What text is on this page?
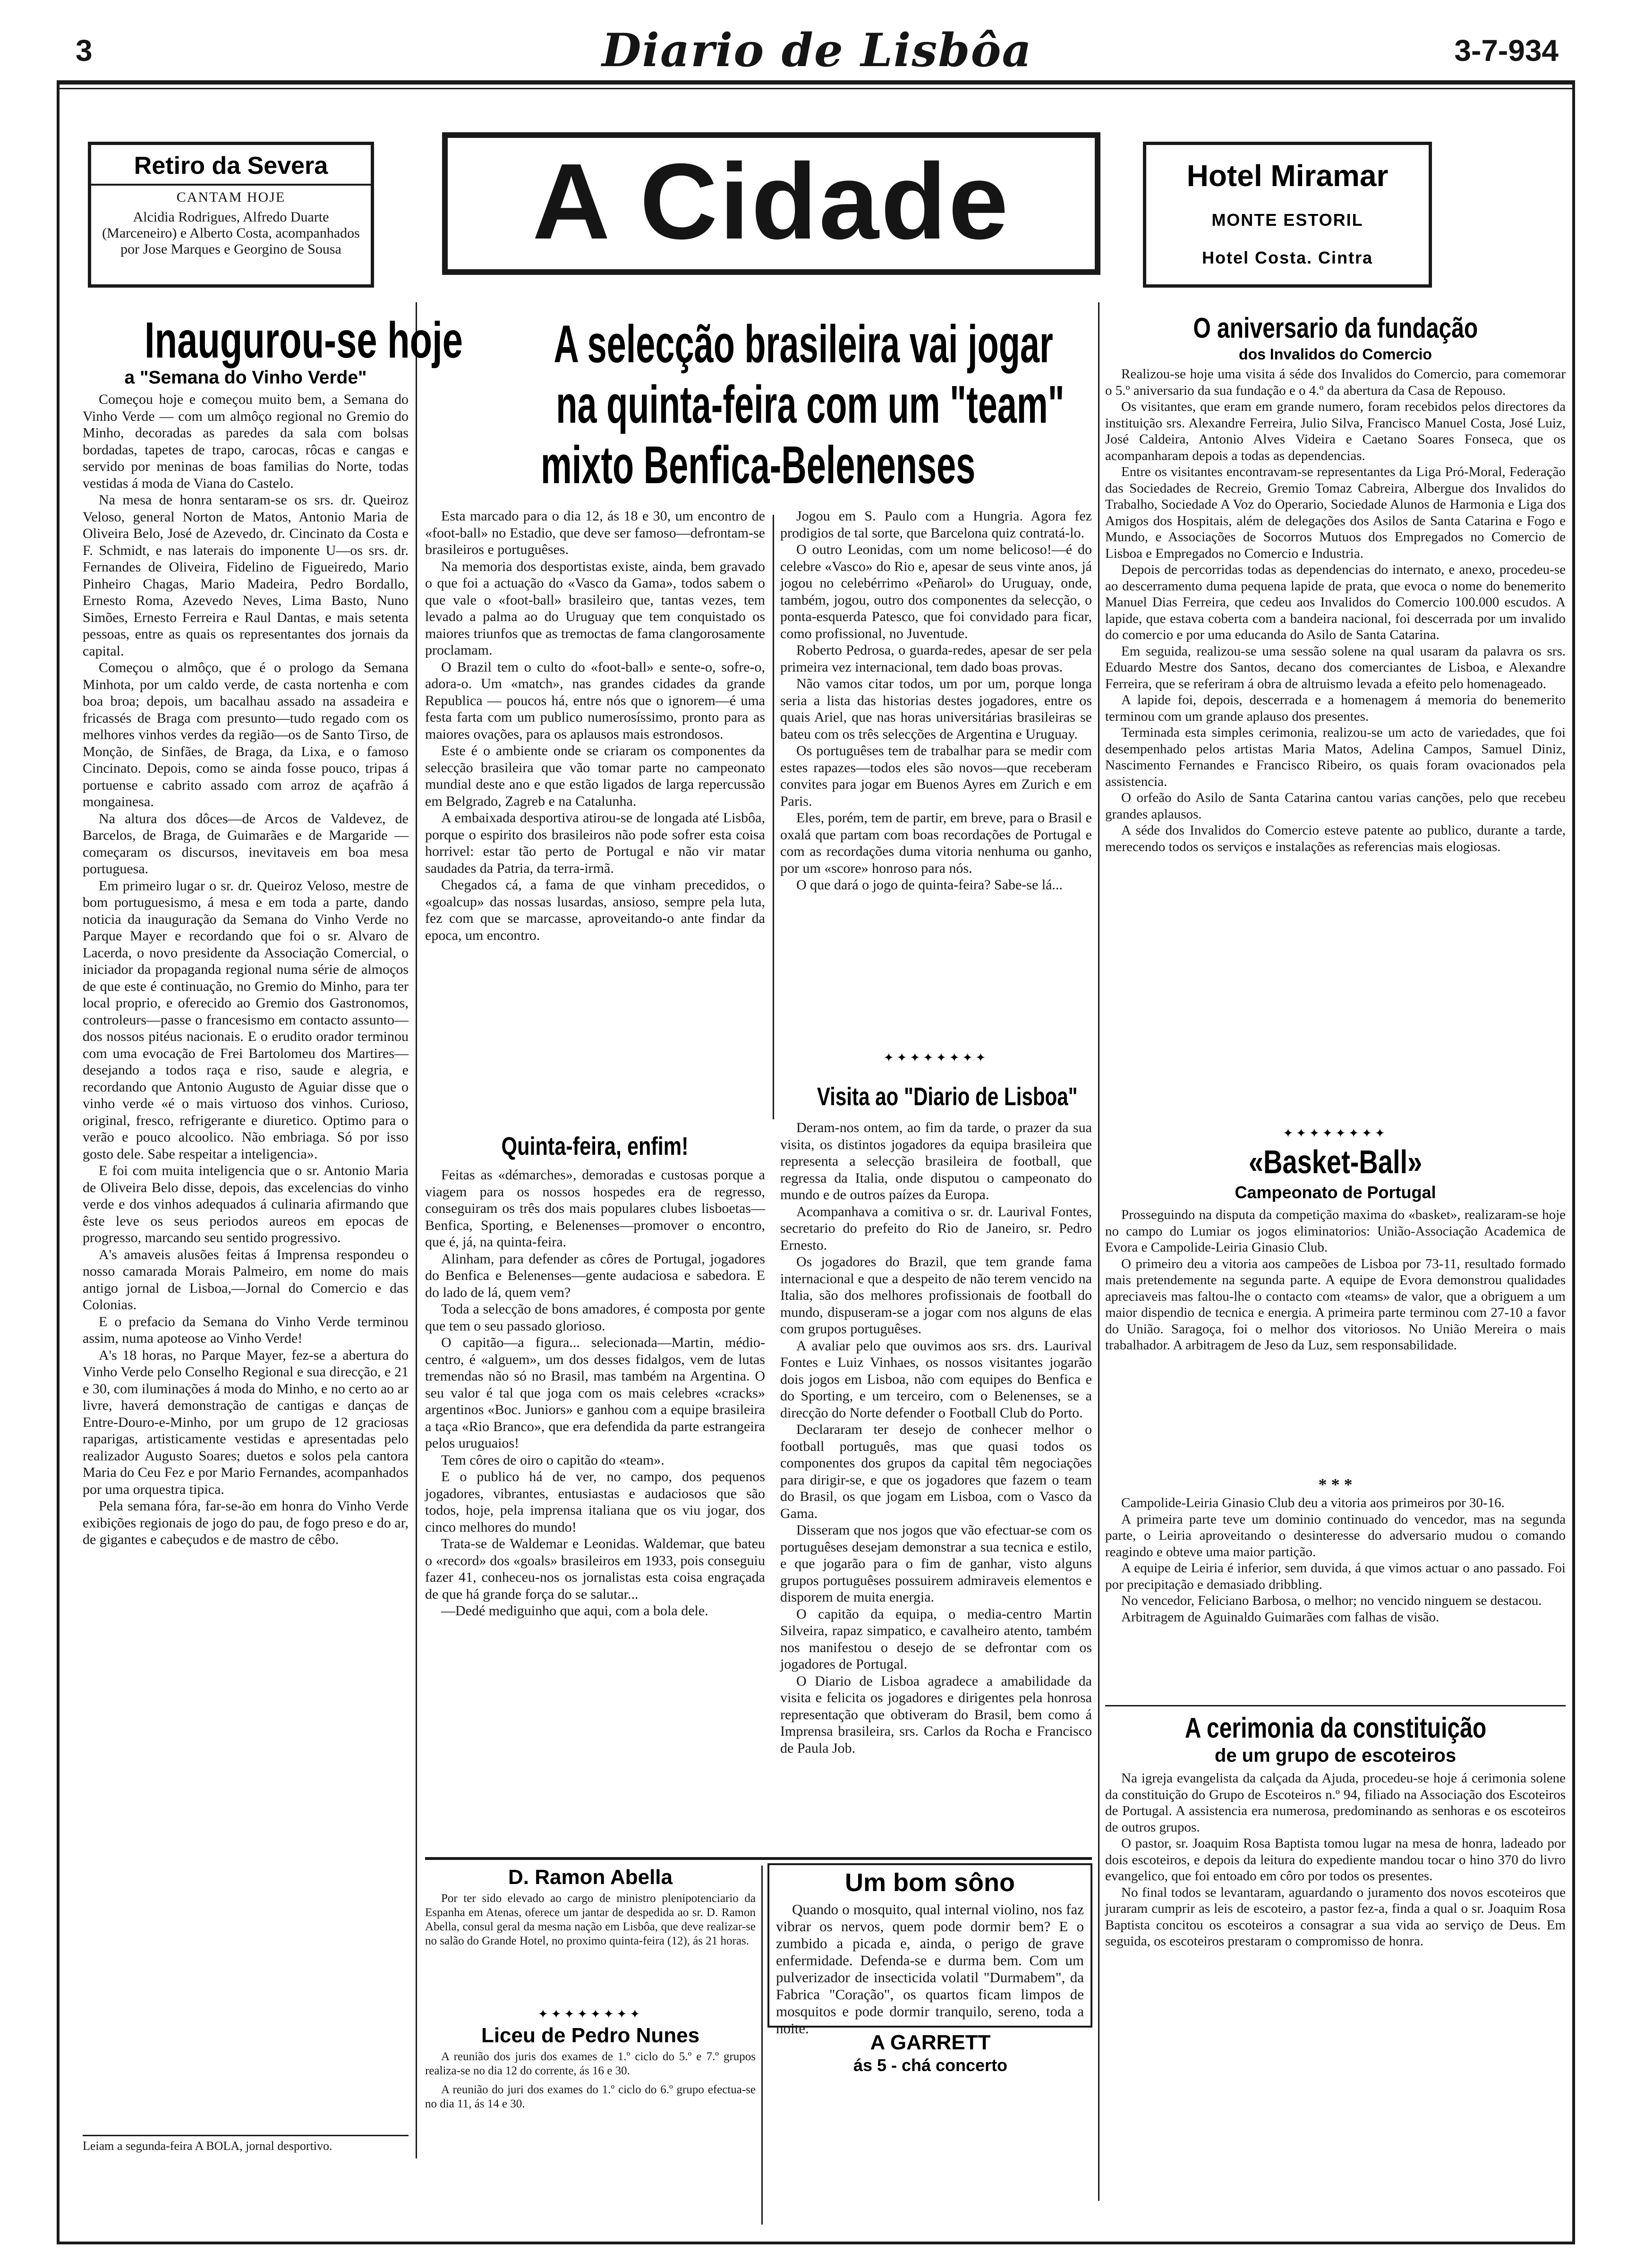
3	Diario de Lisbôa	3-7-934
Retiro da Severa
CANTAM HOJE
Alcidia Rodrigues, Alfredo Duarte (Marceneiro) e Alberto Costa, acompanhados por Jose Marques e Georgino de Sousa	A Cidade	Hotel Miramar
MONTE ESTORIL
Hotel Costa. Cintra
Inaugurou-se hoje
a "Semana do Vinho Verde"

Começou hoje e começou muito bem, a Semana do Vinho Verde — com um almôço regional no Gremio do Minho, decoradas as paredes da sala com bolsas bordadas, tapetes de trapo, carocas, rôcas e cangas e servido por meninas de boas familias do Norte, todas vestidas á moda de Viana do Castelo.

Na mesa de honra sentaram-se os srs. dr. Queiroz Veloso, general Norton de Matos, Antonio Maria de Oliveira Belo, José de Azevedo, dr. Cincinato da Costa e F. Schmidt, e nas laterais do imponente U—os srs. dr. Fernandes de Oliveira, Fidelino de Figueiredo, Mario Pinheiro Chagas, Mario Madeira, Pedro Bordallo, Ernesto Roma, Azevedo Neves, Lima Basto, Nuno Simões, Ernesto Ferreira e Raul Dantas, e mais setenta pessoas, entre as quais os representantes dos jornais da capital.

Começou o almôço, que é o prologo da Semana Minhota, por um caldo verde, de casta nortenha e com boa broa; depois, um bacalhau assado na assadeira e fricassés de Braga com presunto—tudo regado com os melhores vinhos verdes da região—os de Santo Tirso, de Monção, de Sinfães, de Braga, da Lixa, e o famoso Cincinato. Depois, como se ainda fosse pouco, tripas á portuense e cabrito assado com arroz de açafrão á mongainesa.

Na altura dos dôces—de Arcos de Valdevez, de Barcelos, de Braga, de Guimarães e de Margaride — começaram os discursos, inevitaveis em boa mesa portuguesa.

Em primeiro lugar o sr. dr. Queiroz Veloso, mestre de bom portuguesismo, á mesa e em toda a parte, dando noticia da inauguração da Semana do Vinho Verde no Parque Mayer e recordando que foi o sr. Alvaro de Lacerda, o novo presidente da Associação Comercial, o iniciador da propaganda regional numa série de almoços de que este é continuação, no Gremio do Minho, para ter local proprio, e oferecido ao Gremio dos Gastronomos, controleurs—passe o francesismo em contacto assunto—dos nossos pitéus nacionais. E o erudito orador terminou com uma evocação de Frei Bartolomeu dos Martires—desejando a todos raça e riso, saude e alegria, e recordando que Antonio Augusto de Aguiar disse que o vinho verde «é o mais virtuoso dos vinhos. Curioso, original, fresco, refrigerante e diuretico. Optimo para o verão e pouco alcoolico. Não embriaga. Só por isso gosto dele. Sabe respeitar a inteligencia».

E foi com muita inteligencia que o sr. Antonio Maria de Oliveira Belo disse, depois, das excelencias do vinho verde e dos vinhos adequados á culinaria afirmando que êste leve os seus periodos aureos em epocas de progresso, marcando seu sentido progressivo.

A's amaveis alusões feitas á Imprensa respondeu o nosso camarada Morais Palmeiro, em nome do mais antigo jornal de Lisboa,—Jornal do Comercio e das Colonias.

E o prefacio da Semana do Vinho Verde terminou assim, numa apoteose ao Vinho Verde!

A's 18 horas, no Parque Mayer, fez-se a abertura do Vinho Verde pelo Conselho Regional e sua direcção, e 21 e 30, com iluminações á moda do Minho, e no certo ao ar livre, haverá demonstração de cantigas e danças de Entre-Douro-e-Minho, por um grupo de 12 graciosas raparigas, artisticamente vestidas e apresentadas pelo realizador Augusto Soares; duetos e solos pela cantora Maria do Ceu Fez e por Mario Fernandes, acompanhados por uma orquestra tipica.

Pela semana fóra, far-se-ão em honra do Vinho Verde exibições regionais de jogo do pau, de fogo preso e do ar, de gigantes e cabeçudos e de mastro de cêbo.

Leiam a segunda-feira A BOLA, jornal desportivo.
A selecção brasileira vai jogar
na quinta-feira com um "team"
mixto Benfica-Belenenses

Esta marcado para o dia 12, ás 18 e 30, um encontro de «foot-ball» no Estadio, que deve ser famoso—defrontam-se brasileiros e portuguêses.

Na memoria dos desportistas existe, ainda, bem gravado o que foi a actuação do «Vasco da Gama», todos sabem o que vale o «foot-ball» brasileiro que, tantas vezes, tem levado a palma ao do Uruguay que tem conquistado os maiores triunfos que as tremoctas de fama clangorosamente proclamam.

O Brazil tem o culto do «foot-ball» e sente-o, sofre-o, adora-o. Um «match», nas grandes cidades da grande Republica — poucos há, entre nós que o ignorem—é uma festa farta com um publico numerosíssimo, pronto para as maiores ovações, para os aplausos mais estrondosos.

Este é o ambiente onde se criaram os componentes da selecção brasileira que vão tomar parte no campeonato mundial deste ano e que estão ligados de larga repercussão em Belgrado, Zagreb e na Catalunha.

A embaixada desportiva atirou-se de longada até Lisbôa, porque o espirito dos brasileiros não pode sofrer esta coisa horrivel: estar tão perto de Portugal e não vir matar saudades da Patria, da terra-irmã.

Chegados cá, a fama de que vinham precedidos, o «goalcup» das nossas lusardas, ansioso, sempre pela luta, fez com que se marcasse, aproveitando-o ante findar da epoca, um encontro.

Quinta-feira, enfim!

Feitas as «démarches», demoradas e custosas porque a viagem para os nossos hospedes era de regresso, conseguiram os três dos mais populares clubes lisboetas—Benfica, Sporting, e Belenenses—promover o encontro, que é, já, na quinta-feira.

Alinham, para defender as côres de Portugal, jogadores do Benfica e Belenenses—gente audaciosa e sabedora. E do lado de lá, quem vem?

Toda a selecção de bons amadores, é composta por gente que tem o seu passado glorioso.

O capitão—a figura... selecionada—Martin, médio-centro, é «alguem», um dos desses fidalgos, vem de lutas tremendas não só no Brasil, mas também na Argentina. O seu valor é tal que joga com os mais celebres «cracks» argentinos «Boc. Juniors» e ganhou com a equipe brasileira a taça «Rio Branco», que era defendida da parte estrangeira pelos uruguaios!

Tem côres de oiro o capitão do «team».

E o publico há de ver, no campo, dos pequenos jogadores, vibrantes, entusiastas e audaciosos que são todos, hoje, pela imprensa italiana que os viu jogar, dos cinco melhores do mundo!

Trata-se de Waldemar e Leonidas. Waldemar, que bateu o «record» dos «goals» brasileiros em 1933, pois conseguiu fazer 41, conheceu-nos os jornalistas esta coisa engraçada de que há grande força do se salutar...

—Dedé mediguinho que aqui, com a bola dele.

Jogou em S. Paulo com a Hungria. Agora fez prodigios de tal sorte, que Barcelona quiz contratá-lo.

O outro Leonidas, com um nome belicoso!—é do celebre «Vasco» do Rio e, apesar de seus vinte anos, já jogou no celebérrimo «Peñarol» do Uruguay, onde, também, jogou, outro dos componentes da selecção, o ponta-esquerda Patesco, que foi convidado para ficar, como profissional, no Juventude.

Roberto Pedrosa, o guarda-redes, apesar de ser pela primeira vez internacional, tem dado boas provas.

Não vamos citar todos, um por um, porque longa seria a lista das historias destes jogadores, entre os quais Ariel, que nas horas universitárias brasileiras se bateu com os três selecções de Argentina e Uruguay.

Os portuguêses tem de trabalhar para se medir com estes rapazes—todos eles são novos—que receberam convites para jogar em Buenos Ayres em Zurich e em Paris.

Eles, porém, tem de partir, em breve, para o Brasil e oxalá que partam com boas recordações de Portugal e com as recordações duma vitoria nenhuma ou ganho, por um «score» honroso para nós.

O que dará o jogo de quinta-feira? Sabe-se lá...

✦✦✦✦✦✦✦✦
Visita ao "Diario de Lisboa"

Deram-nos ontem, ao fim da tarde, o prazer da sua visita, os distintos jogadores da equipa brasileira que representa a selecção brasileira de football, que regressa da Italia, onde disputou o campeonato do mundo e de outros paízes da Europa.

Acompanhava a comitiva o sr. dr. Laurival Fontes, secretario do prefeito do Rio de Janeiro, sr. Pedro Ernesto.

Os jogadores do Brazil, que tem grande fama internacional e que a despeito de não terem vencido na Italia, são dos melhores profissionais de football do mundo, dispuseram-se a jogar com nos alguns de elas com grupos portuguêses.

A avaliar pelo que ouvimos aos srs. drs. Laurival Fontes e Luiz Vinhaes, os nossos visitantes jogarão dois jogos em Lisboa, não com equipes do Benfica e do Sporting, e um terceiro, com o Belenenses, se a direcção do Norte defender o Football Club do Porto.

Declararam ter desejo de conhecer melhor o football português, mas que quasi todos os componentes dos grupos da capital têm negociações para dirigir-se, e que os jogadores que fazem o team do Brasil, os que jogam em Lisboa, com o Vasco da Gama.

Disseram que nos jogos que vão efectuar-se com os portuguêses desejam demonstrar a sua tecnica e estilo, e que jogarão para o fim de ganhar, visto alguns grupos portuguêses possuirem admiraveis elementos e disporem de muita energia.

O capitão da equipa, o media-centro Martin Silveira, rapaz simpatico, e cavalheiro atento, também nos manifestou o desejo de se defrontar com os jogadores de Portugal.

O Diario de Lisboa agradece a amabilidade da visita e felicita os jogadores e dirigentes pela honrosa representação que obtiveram do Brasil, bem como á Imprensa brasileira, srs. Carlos da Rocha e Francisco de Paula Job.

D. Ramon Abella
Por ter sido elevado ao cargo de ministro plenipotenciario da Espanha em Atenas, oferece um jantar de despedida ao sr. D. Ramon Abella, consul geral da mesma nação em Lisbôa, que deve realizar-se no salão do Grande Hotel, no proximo quinta-feira (12), ás 21 horas.
✦✦✦✦✦✦✦✦
Liceu de Pedro Nunes

A reunião dos juris dos exames de 1.º ciclo do 5.º e 7.º grupos realiza-se no dia 12 do corrente, ás 16 e 30.

A reunião do juri dos exames do 1.º ciclo do 6.º grupo efectua-se no dia 11, ás 14 e 30.

Um bom sôno
Quando o mosquito, qual internal violino, nos faz vibrar os nervos, quem pode dormir bem? E o zumbido a picada e, ainda, o perigo de grave enfermidade. Defenda-se e durma bem. Com um pulverizador de insecticida volatil "Durmabem", da Fabrica "Coração", os quartos ficam limpos de mosquitos e pode dormir tranquilo, sereno, toda a noite.
A GARRETT
ás 5 - chá concerto
O aniversario da fundação
dos Invalidos do Comercio

Realizou-se hoje uma visita á séde dos Invalidos do Comercio, para comemorar o 5.º aniversario da sua fundação e o 4.º da abertura da Casa de Repouso.

Os visitantes, que eram em grande numero, foram recebidos pelos directores da instituição srs. Alexandre Ferreira, Julio Silva, Francisco Manuel Costa, José Luiz, José Caldeira, Antonio Alves Videira e Caetano Soares Fonseca, que os acompanharam depois a todas as dependencias.

Entre os visitantes encontravam-se representantes da Liga Pró-Moral, Federação das Sociedades de Recreio, Gremio Tomaz Cabreira, Albergue dos Invalidos do Trabalho, Sociedade A Voz do Operario, Sociedade Alunos de Harmonia e Liga dos Amigos dos Hospitais, além de delegações dos Asilos de Santa Catarina e Fogo e Mundo, e Associações de Socorros Mutuos dos Empregados no Comercio de Lisboa e Empregados no Comercio e Industria.

Depois de percorridas todas as dependencias do internato, e anexo, procedeu-se ao descerramento duma pequena lapide de prata, que evoca o nome do benemerito Manuel Dias Ferreira, que cedeu aos Invalidos do Comercio 100.000 escudos. A lapide, que estava coberta com a bandeira nacional, foi descerrada por um invalido do comercio e por uma educanda do Asilo de Santa Catarina.

Em seguida, realizou-se uma sessão solene na qual usaram da palavra os srs. Eduardo Mestre dos Santos, decano dos comerciantes de Lisboa, e Alexandre Ferreira, que se referiram á obra de altruismo levada a efeito pelo homenageado.

A lapide foi, depois, descerrada e a homenagem á memoria do benemerito terminou com um grande aplauso dos presentes.

Terminada esta simples cerimonia, realizou-se um acto de variedades, que foi desempenhado pelos artistas Maria Matos, Adelina Campos, Samuel Diniz, Nascimento Fernandes e Francisco Ribeiro, os quais foram ovacionados pela assistencia.

O orfeão do Asilo de Santa Catarina cantou varias canções, pelo que recebeu grandes aplausos.

A séde dos Invalidos do Comercio esteve patente ao publico, durante a tarde, merecendo todos os serviços e instalações as referencias mais elogiosas.

✦✦✦✦✦✦✦✦
«Basket-Ball»
Campeonato de Portugal

Prosseguindo na disputa da competição maxima do «basket», realizaram-se hoje no campo do Lumiar os jogos eliminatorios: União-Associação Academica de Evora e Campolide-Leiria Ginasio Club.

O primeiro deu a vitoria aos campeões de Lisboa por 73-11, resultado formado mais pretendemente na segunda parte. A equipe de Evora demonstrou qualidades apreciaveis mas faltou-lhe o contacto com «teams» de valor, que a obriguem a um maior dispendio de tecnica e energia. A primeira parte terminou com 27-10 a favor do União. Saragoça, foi o melhor dos vitoriosos. No União Mereira o mais trabalhador. A arbitragem de Jeso da Luz, sem responsabilidade.

* * *

Campolide-Leiria Ginasio Club deu a vitoria aos primeiros por 30-16.

A primeira parte teve um dominio continuado do vencedor, mas na segunda parte, o Leiria aproveitando o desinteresse do adversario mudou o comando reagindo e obteve uma maior partição.

A equipe de Leiria é inferior, sem duvida, á que vimos actuar o ano passado. Foi por precipitação e demasiado dribbling.

No vencedor, Feliciano Barbosa, o melhor; no vencido ninguem se destacou.

Arbitragem de Aguinaldo Guimarães com falhas de visão.

A cerimonia da constituição
de um grupo de escoteiros

Na igreja evangelista da calçada da Ajuda, procedeu-se hoje á cerimonia solene da constituição do Grupo de Escoteiros n.º 94, filiado na Associação dos Escoteiros de Portugal. A assistencia era numerosa, predominando as senhoras e os escoteiros de outros grupos.

O pastor, sr. Joaquim Rosa Baptista tomou lugar na mesa de honra, ladeado por dois escoteiros, e depois da leitura do expediente mandou tocar o hino 370 do livro evangelico, que foi entoado em côro por todos os presentes.

No final todos se levantaram, aguardando o juramento dos novos escoteiros que juraram cumprir as leis de escoteiro, a pastor fez-a, finda a qual o sr. Joaquim Rosa Baptista concitou os escoteiros a consagrar a sua vida ao serviço de Deus. Em seguida, os escoteiros prestaram o compromisso de honra.
